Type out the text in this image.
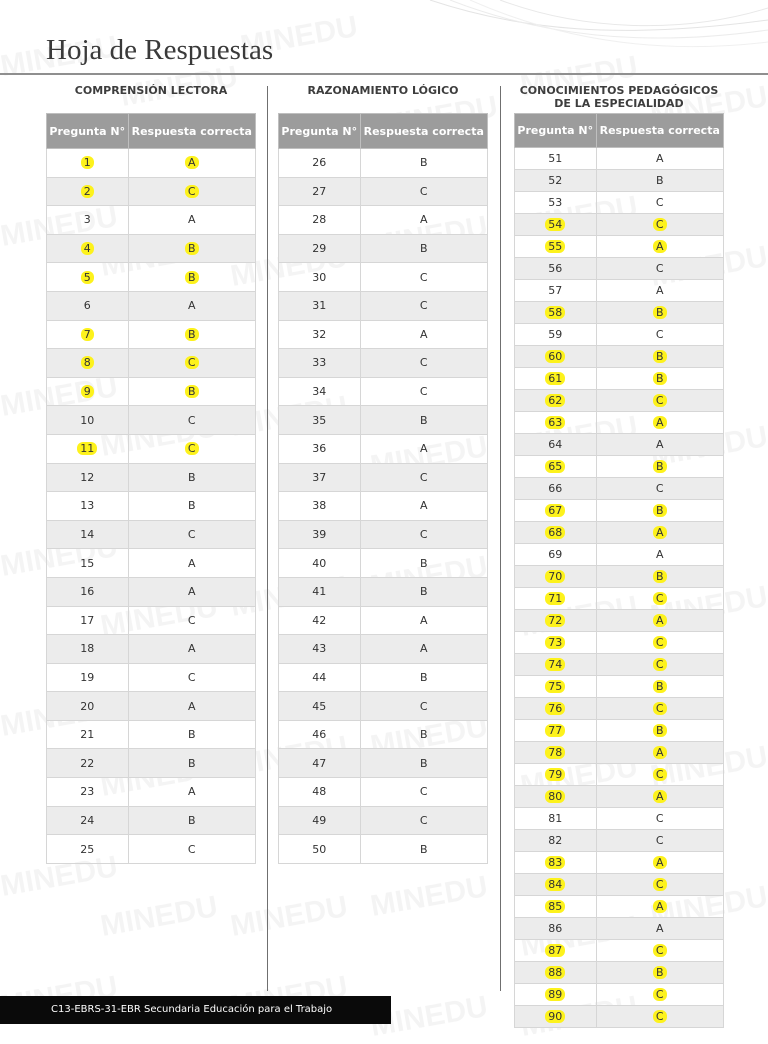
Hoja de Respuestas
COMPRENSIÓN LECTORA	RAZONAMIENTO LÓGICO	CONOCIMIENTOS PEDAGÓGICOS
DE LA ESPECIALIDAD
Pregunta N°	Respuesta correcta
1	A
2	C
3	A
4	B
5	B
6	A
7	B
8	C
9	B
10	C
11	C
12	B
13	B
14	C
15	A
16	A
17	C
18	A
19	C
20	A
21	B
22	B
23	A
24	B
25	C
Pregunta N°	Respuesta correcta
26	B
27	C
28	A
29	B
30	C
31	C
32	A
33	C
34	C
35	B
36	A
37	C
38	A
39	C
40	B
41	B
42	A
43	A
44	B
45	C
46	B
47	B
48	C
49	C
50	B
Pregunta N°	Respuesta correcta
51	A
52	B
53	C
54	C
55	A
56	C
57	A
58	B
59	C
60	B
61	B
62	C
63	A
64	A
65	B
66	C
67	B
68	A
69	A
70	B
71	C
72	A
73	C
74	C
75	B
76	C
77	B
78	A
79	C
80	A
81	C
82	C
83	A
84	C
85	A
86	A
87	C
88	B
89	C
90	C
C13-EBRS-31-EBR Secundaria Educación para el Trabajo
